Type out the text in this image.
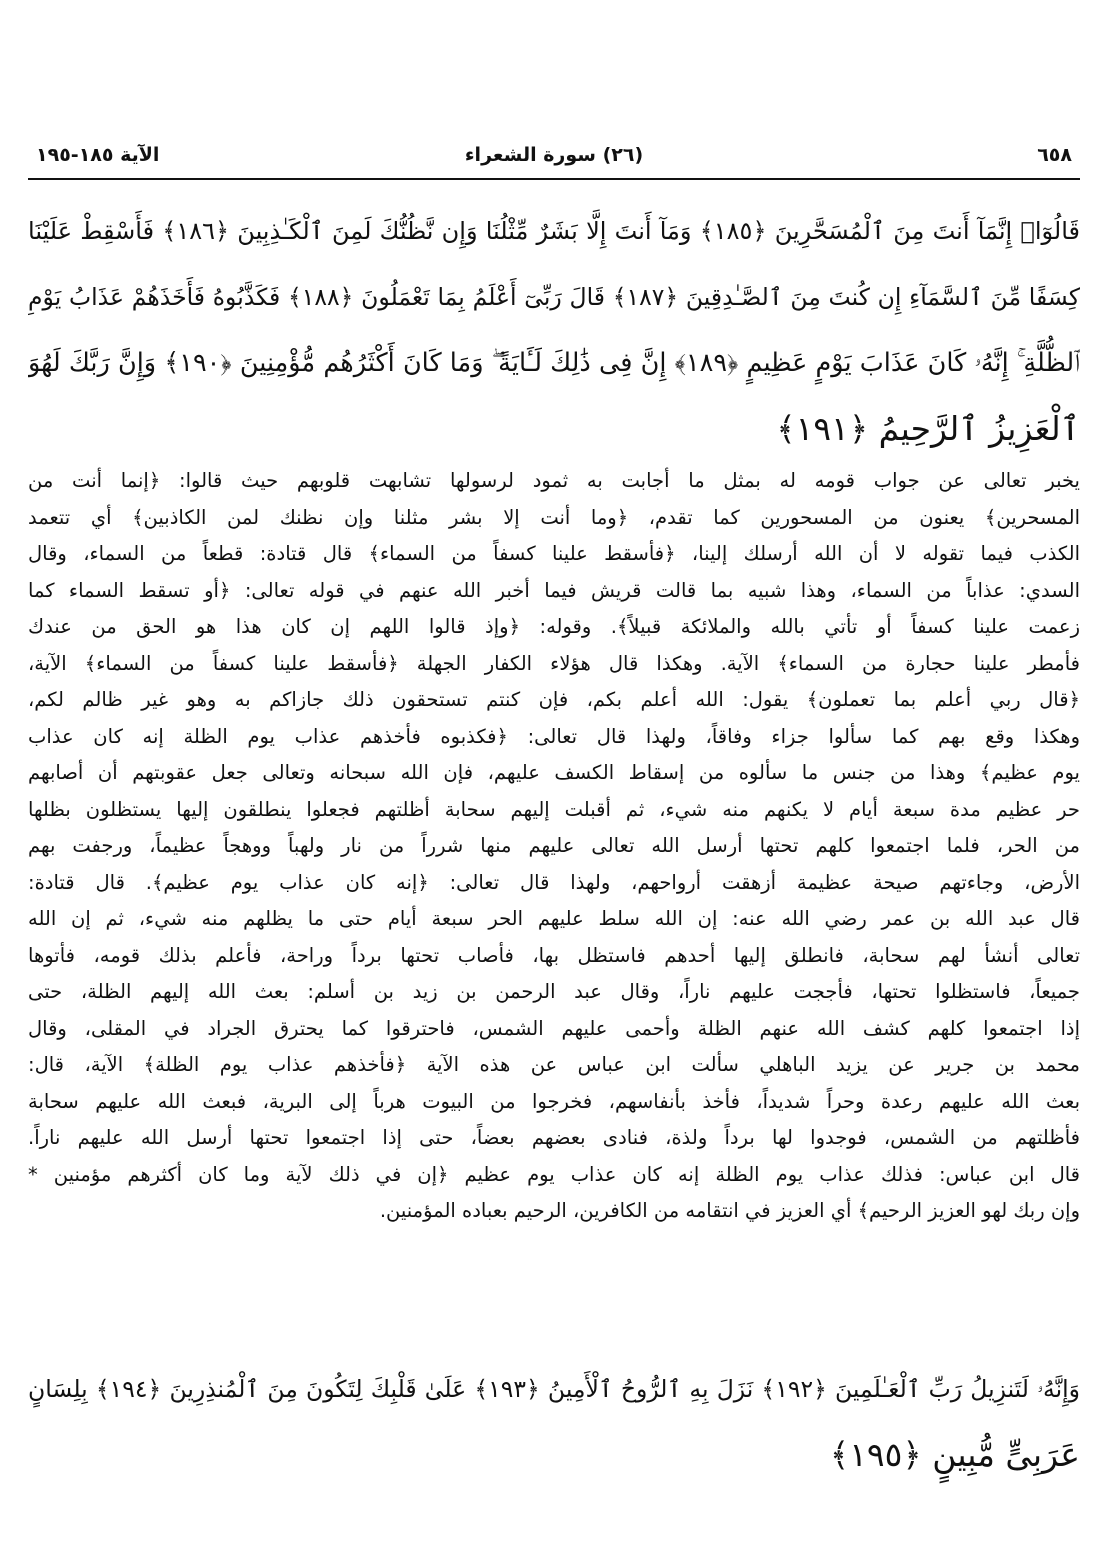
٦٥٨
(٢٦) سورة الشعراء
الآية ١٨٥-١٩٥
قَالُوٓا۟ إِنَّمَآ أَنتَ مِنَ ٱلْمُسَحَّرِينَ ﴿١٨٥﴾ وَمَآ أَنتَ إِلَّا بَشَرٌ مِّثْلُنَا وَإِن نَّظُنُّكَ لَمِنَ ٱلْكَـٰذِبِينَ ﴿١٨٦﴾ فَأَسْقِطْ عَلَيْنَا
كِسَفًا مِّنَ ٱلسَّمَآءِ إِن كُنتَ مِنَ ٱلصَّـٰدِقِينَ ﴿١٨٧﴾ قَالَ رَبِّىٓ أَعْلَمُ بِمَا تَعْمَلُونَ ﴿١٨٨﴾ فَكَذَّبُوهُ فَأَخَذَهُمْ عَذَابُ يَوْمِ
ٱلظُّلَّةِ ۚ إِنَّهُۥ كَانَ عَذَابَ يَوْمٍ عَظِيمٍ ﴿١٨٩﴾ إِنَّ فِى ذَٰلِكَ لَـَٔايَةً ۖ وَمَا كَانَ أَكْثَرُهُم مُّؤْمِنِينَ ﴿١٩٠﴾ وَإِنَّ رَبَّكَ لَهُوَ
ٱلْعَزِيزُ ٱلرَّحِيمُ ﴿١٩١﴾
يخبر تعالى عن جواب قومه له بمثل ما أجابت به ثمود لرسولها تشابهت قلوبهم حيث قالوا: ﴿إنما أنت من
المسحرين﴾ يعنون من المسحورين كما تقدم، ﴿وما أنت إلا بشر مثلنا وإن نظنك لمن الكاذبين﴾ أي تتعمد
الكذب فيما تقوله لا أن الله أرسلك إلينا، ﴿فأسقط علينا كسفاً من السماء﴾ قال قتادة: قطعاً من السماء، وقال
السدي: عذاباً من السماء، وهذا شبيه بما قالت قريش فيما أخبر الله عنهم في قوله تعالى: ﴿أو تسقط السماء كما
زعمت علينا كسفاً أو تأتي بالله والملائكة قبيلاً﴾. وقوله: ﴿وإذ قالوا اللهم إن كان هذا هو الحق من عندك
فأمطر علينا حجارة من السماء﴾ الآية. وهكذا قال هؤلاء الكفار الجهلة ﴿فأسقط علينا كسفاً من السماء﴾ الآية،
﴿قال ربي أعلم بما تعملون﴾ يقول: الله أعلم بكم، فإن كنتم تستحقون ذلك جازاكم به وهو غير ظالم لكم،
وهكذا وقع بهم كما سألوا جزاء وفاقاً، ولهذا قال تعالى: ﴿فكذبوه فأخذهم عذاب يوم الظلة إنه كان عذاب
يوم عظيم﴾ وهذا من جنس ما سألوه من إسقاط الكسف عليهم، فإن الله سبحانه وتعالى جعل عقوبتهم أن أصابهم
حر عظيم مدة سبعة أيام لا يكنهم منه شيء، ثم أقبلت إليهم سحابة أظلتهم فجعلوا ينطلقون إليها يستظلون بظلها
من الحر، فلما اجتمعوا كلهم تحتها أرسل الله تعالى عليهم منها شرراً من نار ولهباً ووهجاً عظيماً، ورجفت بهم
الأرض، وجاءتهم صيحة عظيمة أزهقت أرواحهم، ولهذا قال تعالى: ﴿إنه كان عذاب يوم عظيم﴾. قال قتادة:
قال عبد الله بن عمر رضي الله عنه: إن الله سلط عليهم الحر سبعة أيام حتى ما يظلهم منه شيء، ثم إن الله
تعالى أنشأ لهم سحابة، فانطلق إليها أحدهم فاستظل بها، فأصاب تحتها برداً وراحة، فأعلم بذلك قومه، فأتوها
جميعاً، فاستظلوا تحتها، فأججت عليهم ناراً، وقال عبد الرحمن بن زيد بن أسلم: بعث الله إليهم الظلة، حتى
إذا اجتمعوا كلهم كشف الله عنهم الظلة وأحمى عليهم الشمس، فاحترقوا كما يحترق الجراد في المقلى، وقال
محمد بن جرير عن يزيد الباهلي سألت ابن عباس عن هذه الآية ﴿فأخذهم عذاب يوم الظلة﴾ الآية، قال:
بعث الله عليهم رعدة وحراً شديداً، فأخذ بأنفاسهم، فخرجوا من البيوت هرباً إلى البرية، فبعث الله عليهم سحابة
فأظلتهم من الشمس، فوجدوا لها برداً ولذة، فنادى بعضهم بعضاً، حتى إذا اجتمعوا تحتها أرسل الله عليهم ناراً.
قال ابن عباس: فذلك عذاب يوم الظلة إنه كان عذاب يوم عظيم ﴿إن في ذلك لآية وما كان أكثرهم مؤمنين *
وإن ربك لهو العزيز الرحيم﴾ أي العزيز في انتقامه من الكافرين، الرحيم بعباده المؤمنين.
وَإِنَّهُۥ لَتَنزِيلُ رَبِّ ٱلْعَـٰلَمِينَ ﴿١٩٢﴾ نَزَلَ بِهِ ٱلرُّوحُ ٱلْأَمِينُ ﴿١٩٣﴾ عَلَىٰ قَلْبِكَ لِتَكُونَ مِنَ ٱلْمُنذِرِينَ ﴿١٩٤﴾ بِلِسَانٍ
عَرَبِىٍّ مُّبِينٍ ﴿١٩٥﴾
